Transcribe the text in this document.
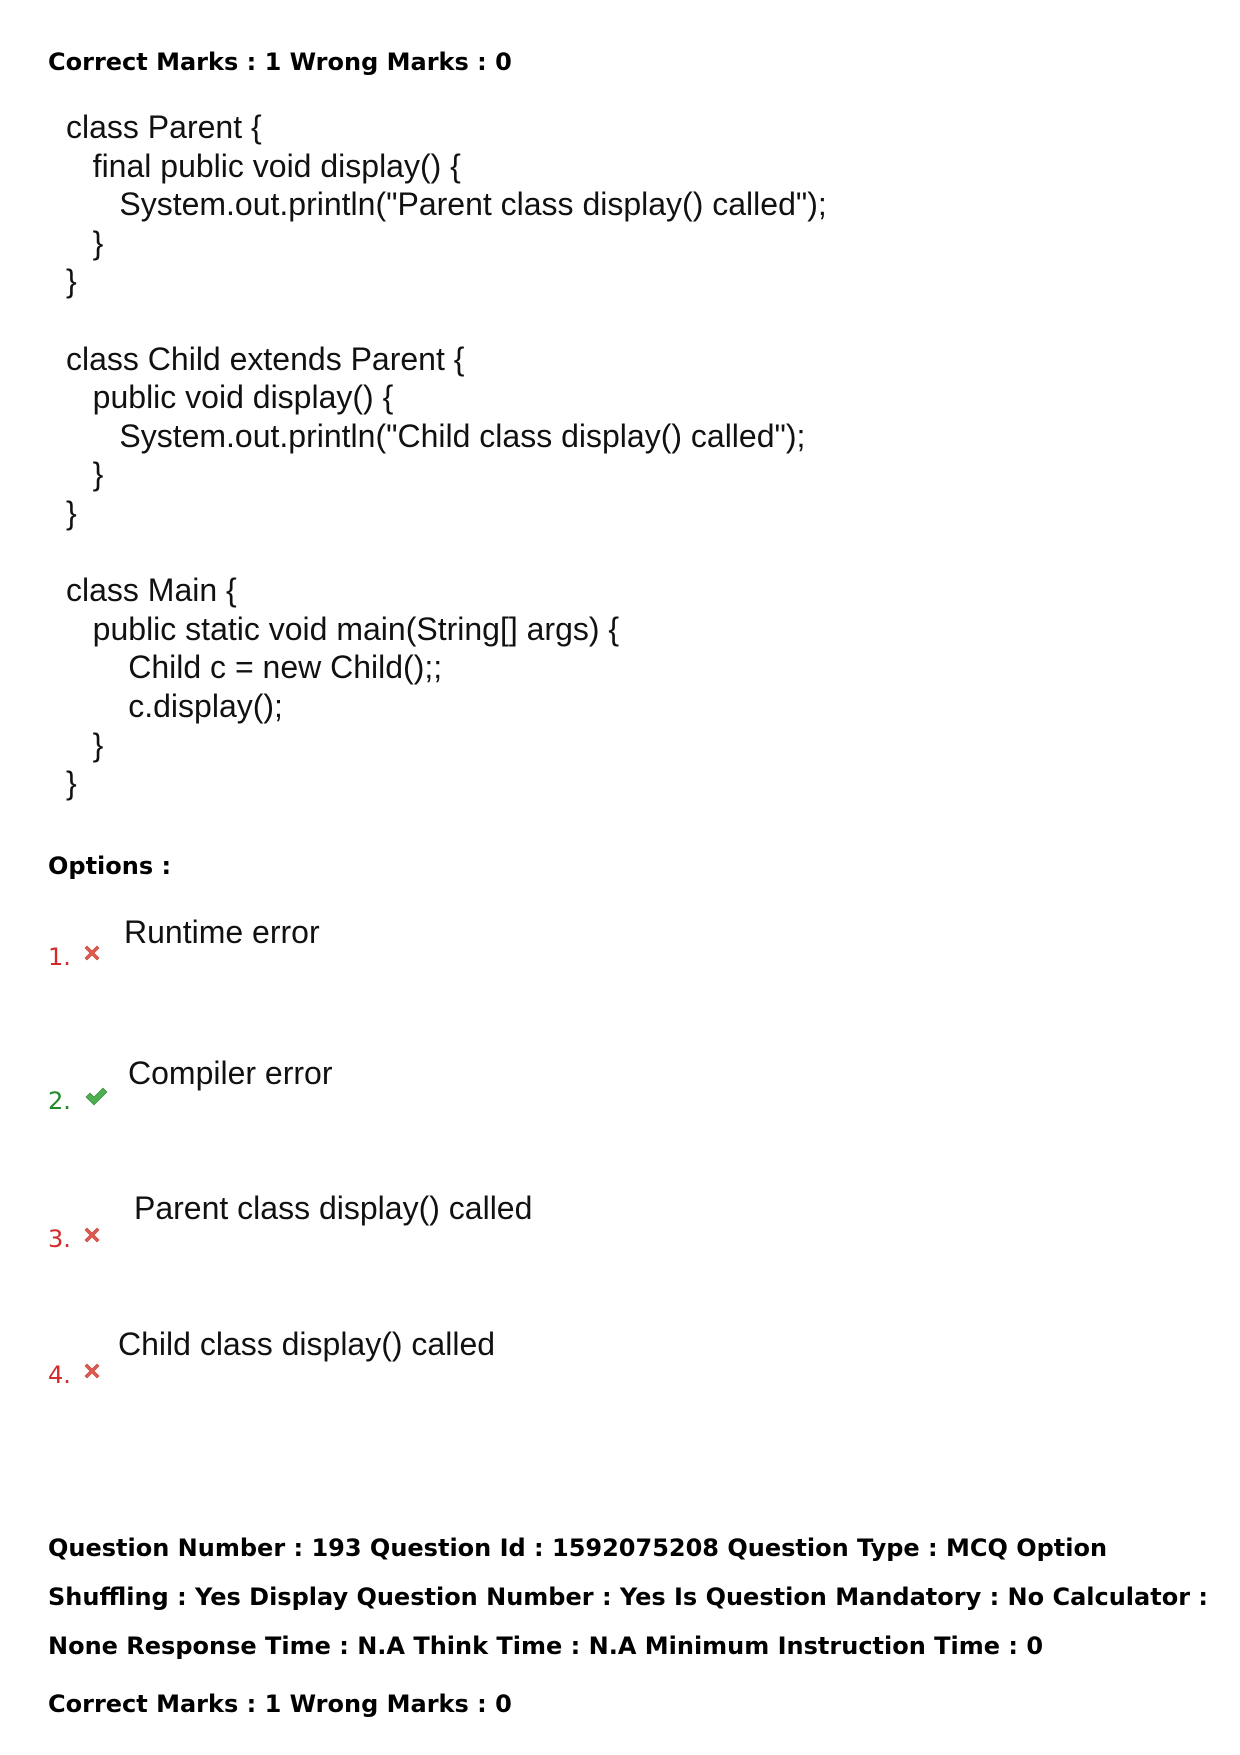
Correct Marks : 1 Wrong Marks : 0

class Parent {
final public void display() {
System.out.println("Parent class display() called");
}
}

class Child extends Parent {
public void display() {
System.out.println("Child class display() called");
}
}

class Main {
public static void main(String[] args) {
Child c = new Child();;
c.display();
}
}

Options :

1.
Runtime error
2.
Compiler error
3.
Parent class display() called
4.
Child class display() called

Question Number : 193 Question Id : 1592075208 Question Type : MCQ Option Shuffling : Yes Display Question Number : Yes Is Question Mandatory : No Calculator : None Response Time : N.A Think Time : N.A Minimum Instruction Time : 0

Correct Marks : 1 Wrong Marks : 0
